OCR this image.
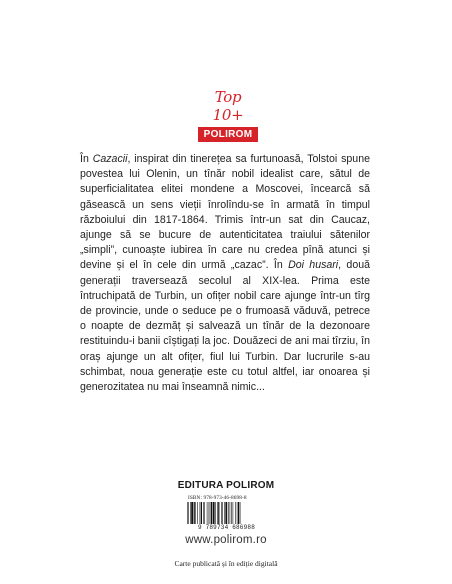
Top 10+
POLIROM

În Cazacii, inspirat din tinerețea sa furtunoasă, Tolstoi spune povestea lui Olenin, un tînăr nobil idealist care, sătul de superficialitatea elitei mondene a Moscovei, încearcă să găsească un sens vieții înrolîndu-se în armată în timpul războiului din 1817-1864. Trimis într-un sat din Caucaz, ajunge să se bucure de autenticitatea traiului sătenilor „simpli”, cunoaște iubirea în care nu credea pînă atunci și devine și el în cele din urmă „cazac”. În Doi husari, două generații traversează secolul al XIX-lea. Prima este întruchipată de Turbin, un ofițer nobil care ajunge într-un tîrg de provincie, unde o seduce pe o frumoasă văduvă, petrece o noapte de dezmăț și salvează un tînăr de la dezonoare restituindu-i banii cîștigați la joc. Douăzeci de ani mai tîrziu, în oraș ajunge un alt ofițer, fiul lui Turbin. Dar lucrurile s-au schimbat, noua generație este cu totul altfel, iar onoarea și generozitatea nu mai înseamnă nimic...

EDITURA POLIROM
ISBN: 978-973-46-8698-8
9 789734 686988
www.polirom.ro
Carte publicată și în ediție digitală
